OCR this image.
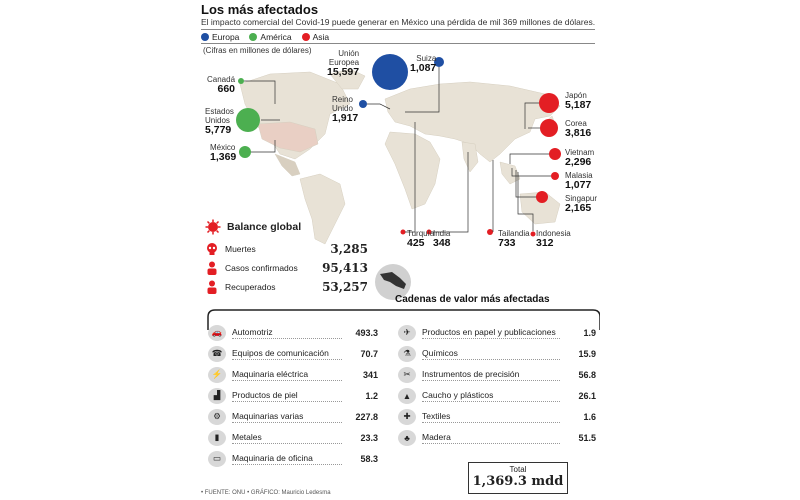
Los más afectados
El impacto comercial del Covid-19 puede generar en México una pérdida de mil 369 millones de dólares.
Europa América Asia
(Cifras en millones de dólares)	Unión
Europea
15,597
Suiza
1,087
Reino
Unido
1,917
Canadá
660
Estados
Unidos
5,779
México
1,369
Japón
5,187
Corea
3,816
Vietnam
2,296
Malasia
1,077
Singapur
2,165
Turquía
425
India
348
Tailandia
733
Indonesia
312
Balance global
Muertes	3,285
Casos confirmados	95,413
Recuperados	53,257
Cadenas de valor más afectadas
🚗	Automotriz	493.3
☎	Equipos de comunicación	70.7
⚡	Maquinaria eléctrica	341
▟	Productos de piel	1.2
⚙	Maquinarias varias	227.8
▮	Metales	23.3
▭	Maquinaria de oficina	58.3
✈	Productos en papel y publicaciones	1.9
⚗	Químicos	15.9
✂	Instrumentos de precisión	56.8
▲	Caucho y plásticos	26.1
✚	Textiles	1.6
♣	Madera	51.5
Total
1,369.3 mdd
• FUENTE: ONU • GRÁFICO: Mauricio Ledesma
